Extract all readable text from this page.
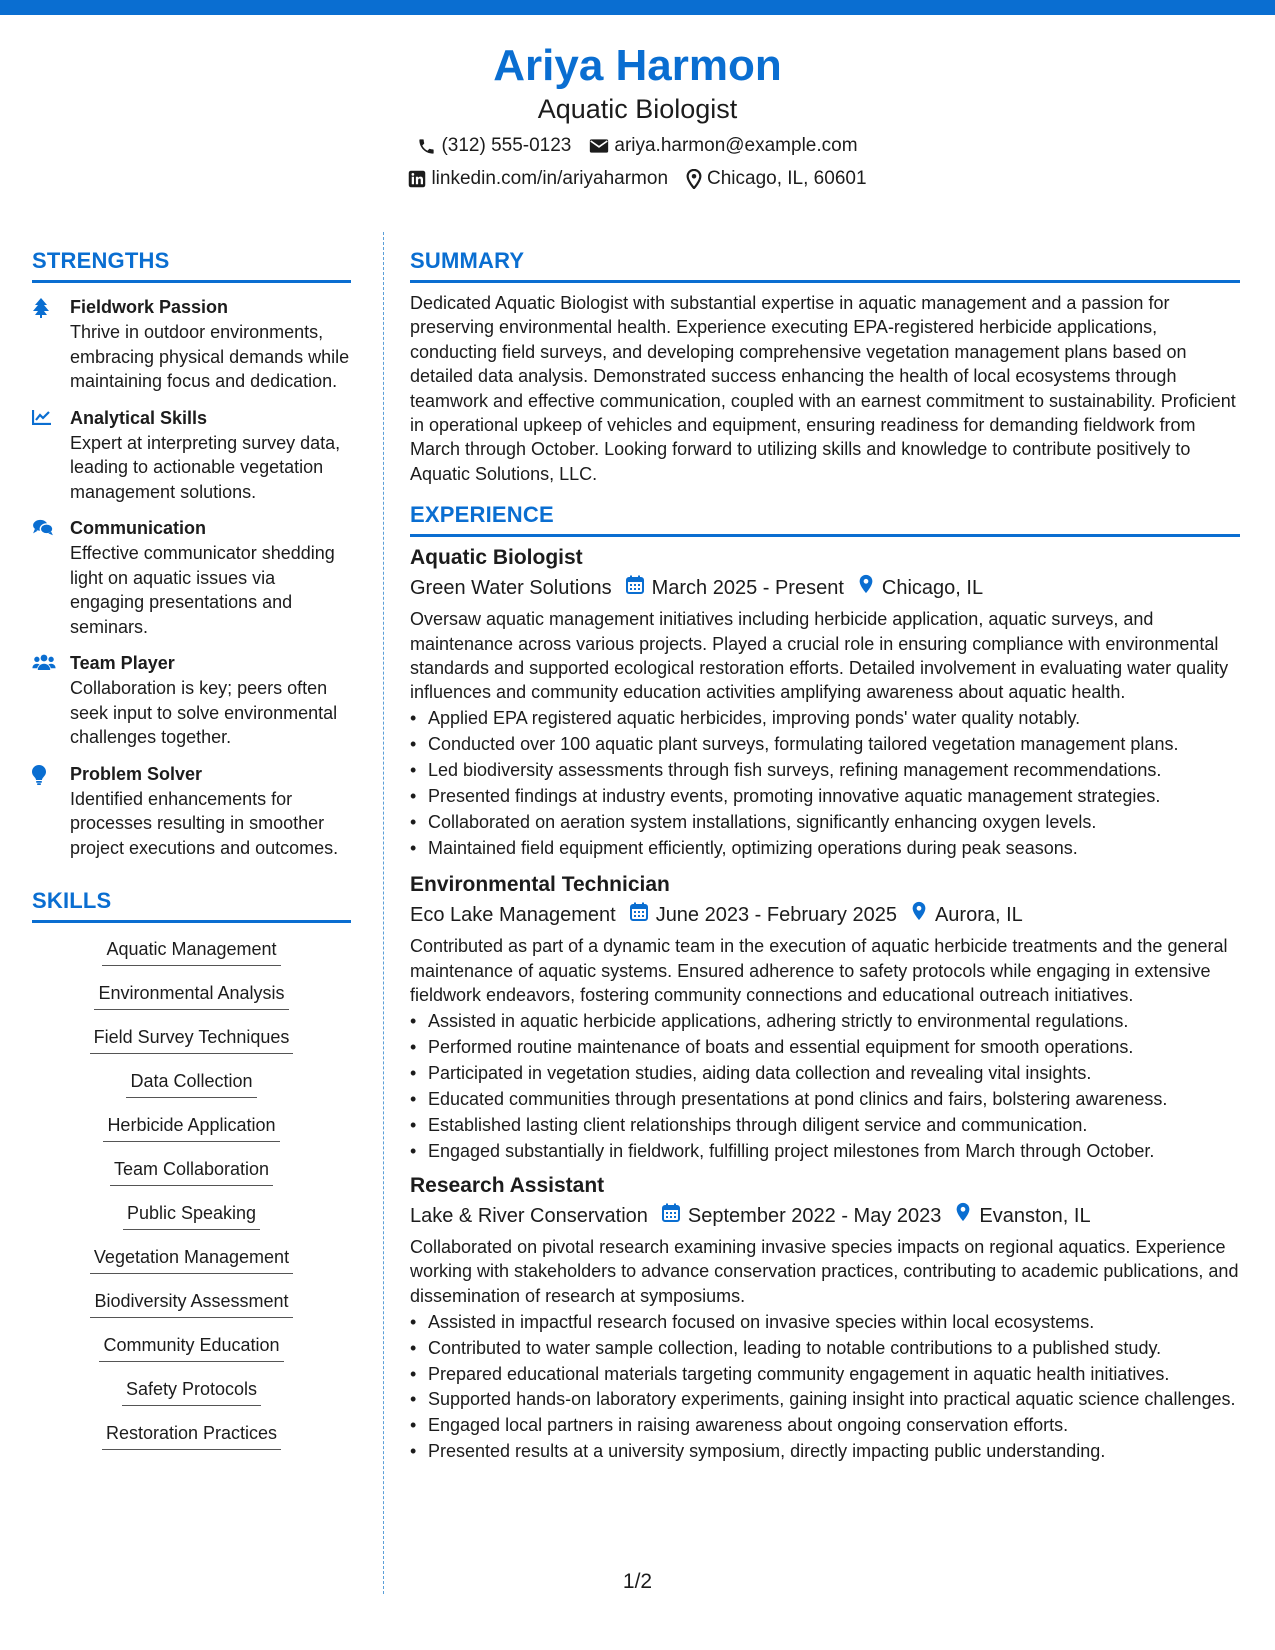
Ariya Harmon
Aquatic Biologist
(312) 555-0123 ariya.harmon@example.com
linkedin.com/in/ariyaharmon Chicago, IL, 60601
STRENGTHS
Fieldwork Passion
Thrive in outdoor environments, embracing physical demands while maintaining focus and dedication.
Analytical Skills
Expert at interpreting survey data, leading to actionable vegetation management solutions.
Communication
Effective communicator shedding light on aquatic issues via engaging presentations and seminars.
Team Player
Collaboration is key; peers often seek input to solve environmental challenges together.
Problem Solver
Identified enhancements for processes resulting in smoother project executions and outcomes.
SKILLS
Aquatic Management
Environmental Analysis
Field Survey Techniques
Data Collection
Herbicide Application
Team Collaboration
Public Speaking
Vegetation Management
Biodiversity Assessment
Community Education
Safety Protocols
Restoration Practices
SUMMARY
Dedicated Aquatic Biologist with substantial expertise in aquatic management and a passion for preserving environmental health. Experience executing EPA-registered herbicide applications, conducting field surveys, and developing comprehensive vegetation management plans based on detailed data analysis. Demonstrated success enhancing the health of local ecosystems through teamwork and effective communication, coupled with an earnest commitment to sustainability. Proficient in operational upkeep of vehicles and equipment, ensuring readiness for demanding fieldwork from March through October. Looking forward to utilizing skills and knowledge to contribute positively to Aquatic Solutions, LLC.
EXPERIENCE
Aquatic Biologist
Green Water Solutions March 2025 - Present Chicago, IL
Oversaw aquatic management initiatives including herbicide application, aquatic surveys, and maintenance across various projects. Played a crucial role in ensuring compliance with environmental standards and supported ecological restoration efforts. Detailed involvement in evaluating water quality influences and community education activities amplifying awareness about aquatic health.
• Applied EPA registered aquatic herbicides, improving ponds' water quality notably.
• Conducted over 100 aquatic plant surveys, formulating tailored vegetation management plans.
• Led biodiversity assessments through fish surveys, refining management recommendations.
• Presented findings at industry events, promoting innovative aquatic management strategies.
• Collaborated on aeration system installations, significantly enhancing oxygen levels.
• Maintained field equipment efficiently, optimizing operations during peak seasons.
Environmental Technician
Eco Lake Management June 2023 - February 2025 Aurora, IL
Contributed as part of a dynamic team in the execution of aquatic herbicide treatments and the general maintenance of aquatic systems. Ensured adherence to safety protocols while engaging in extensive fieldwork endeavors, fostering community connections and educational outreach initiatives.
• Assisted in aquatic herbicide applications, adhering strictly to environmental regulations.
• Performed routine maintenance of boats and essential equipment for smooth operations.
• Participated in vegetation studies, aiding data collection and revealing vital insights.
• Educated communities through presentations at pond clinics and fairs, bolstering awareness.
• Established lasting client relationships through diligent service and communication.
• Engaged substantially in fieldwork, fulfilling project milestones from March through October.
Research Assistant
Lake & River Conservation September 2022 - May 2023 Evanston, IL
Collaborated on pivotal research examining invasive species impacts on regional aquatics. Experience working with stakeholders to advance conservation practices, contributing to academic publications, and dissemination of research at symposiums.
• Assisted in impactful research focused on invasive species within local ecosystems.
• Contributed to water sample collection, leading to notable contributions to a published study.
• Prepared educational materials targeting community engagement in aquatic health initiatives.
• Supported hands-on laboratory experiments, gaining insight into practical aquatic science challenges.
• Engaged local partners in raising awareness about ongoing conservation efforts.
• Presented results at a university symposium, directly impacting public understanding.
1/2
